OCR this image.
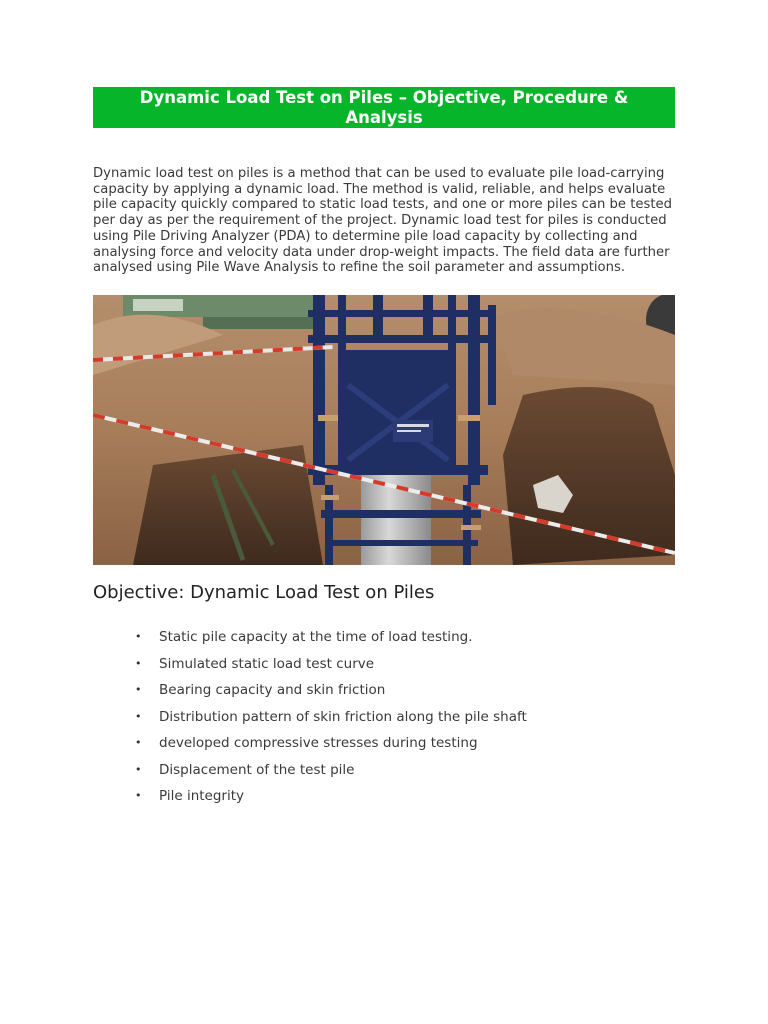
Dynamic Load Test on Piles – Objective, Procedure & Analysis

Dynamic load test on piles is a method that can be used to evaluate pile load-carrying capacity by applying a dynamic load. The method is valid, reliable, and helps evaluate pile capacity quickly compared to static load tests, and one or more piles can be tested per day as per the requirement of the project. Dynamic load test for piles is conducted using Pile Driving Analyzer (PDA) to determine pile load capacity by collecting and analysing force and velocity data under drop-weight impacts. The field data are further analysed using Pile Wave Analysis to refine the soil parameter and assumptions.

Objective: Dynamic Load Test on Piles
• Static pile capacity at the time of load testing.
• Simulated static load test curve
• Bearing capacity and skin friction
• Distribution pattern of skin friction along the pile shaft
• developed compressive stresses during testing
• Displacement of the test pile
• Pile integrity
